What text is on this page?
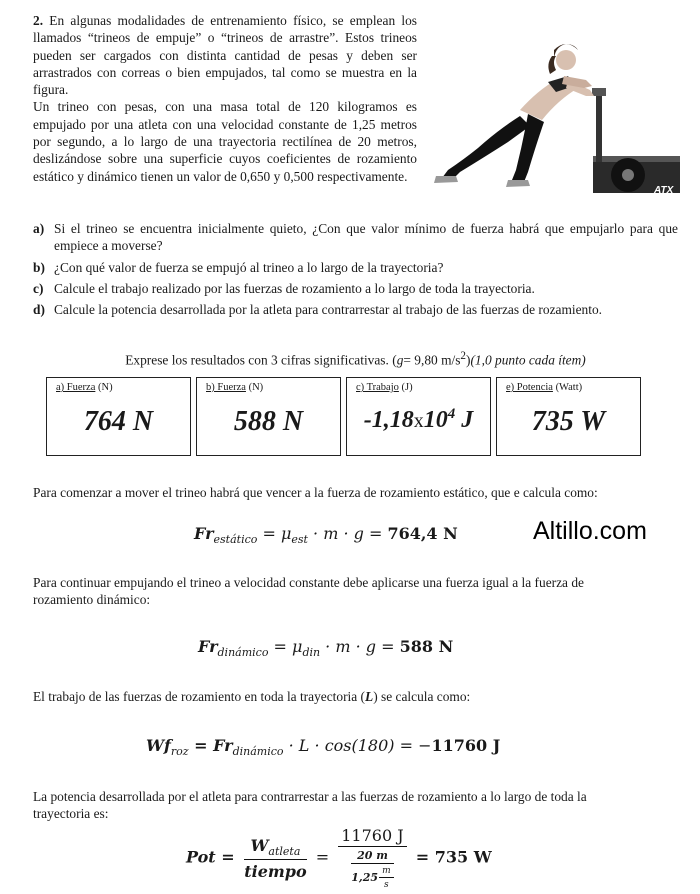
2. En algunas modalidades de entrenamiento físico, se emplean los llamados “trineos de empuje” o “trineos de arrastre”. Estos trineos pueden ser cargados con distinta cantidad de pesas y deben ser arrastrados con correas o bien empujados, tal como se muestra en la figura.
Un trineo con pesas, con una masa total de 120 kilogramos es empujado por una atleta con una velocidad constante de 1,25 metros por segundo, a lo largo de una trayectoria rectilínea de 20 metros, deslizándose sobre una superficie cuyos coeficientes de rozamiento estático y dinámico tienen un valor de 0,650 y 0,500 respectivamente.
ATX
a) Si el trineo se encuentra inicialmente quieto, ¿Con que valor mínimo de fuerza habrá que empujarlo para que empiece a moverse?
b) ¿Con qué valor de fuerza se empujó al trineo a lo largo de la trayectoria?
c) Calcule el trabajo realizado por las fuerzas de rozamiento a lo largo de toda la trayectoria.
d) Calcule la potencia desarrollada por la atleta para contrarrestar al trabajo de las fuerzas de rozamiento.
Exprese los resultados con 3 cifras significativas. (g= 9,80 $m/s^2)(1,0$ punto cada ítem)
a) Fuerza (N)
764 N
b) Fuerza (N)
588 N
c) Trabajo (J)
$-1,18x10^4$ J
e) Potencia (Watt)
735 W
Para comenzar a mover el trineo habrá que vencer a la fuerza de rozamiento estático, que e calcula como:
$Fr_{estático} = \mu_{est} \cdot m \cdot g = 764,4$ N	Altillo.com
Para continuar empujando el trineo a velocidad constante debe aplicarse una fuerza igual a la fuerza de rozamiento dinámico:
$Fr_{dinámico} = \mu_{din} \cdot m \cdot g = 588$ N
El trabajo de las fuerzas de rozamiento en toda la trayectoria (L) se calcula como:
$Wf_{roz} = Fr_{dinámico} \cdot L \cdot \cos(180) = -11760$ J
La potencia desarrollada por el atleta para contrarrestar a las fuerzas de rozamiento a lo largo de toda la trayectoria es:
Pot = $\frac{W_{atleta}}{\text{tiempo}} = \frac{11760 J}{\frac{20 m}{1,25 \frac{m}{s}}} = 735$ W
